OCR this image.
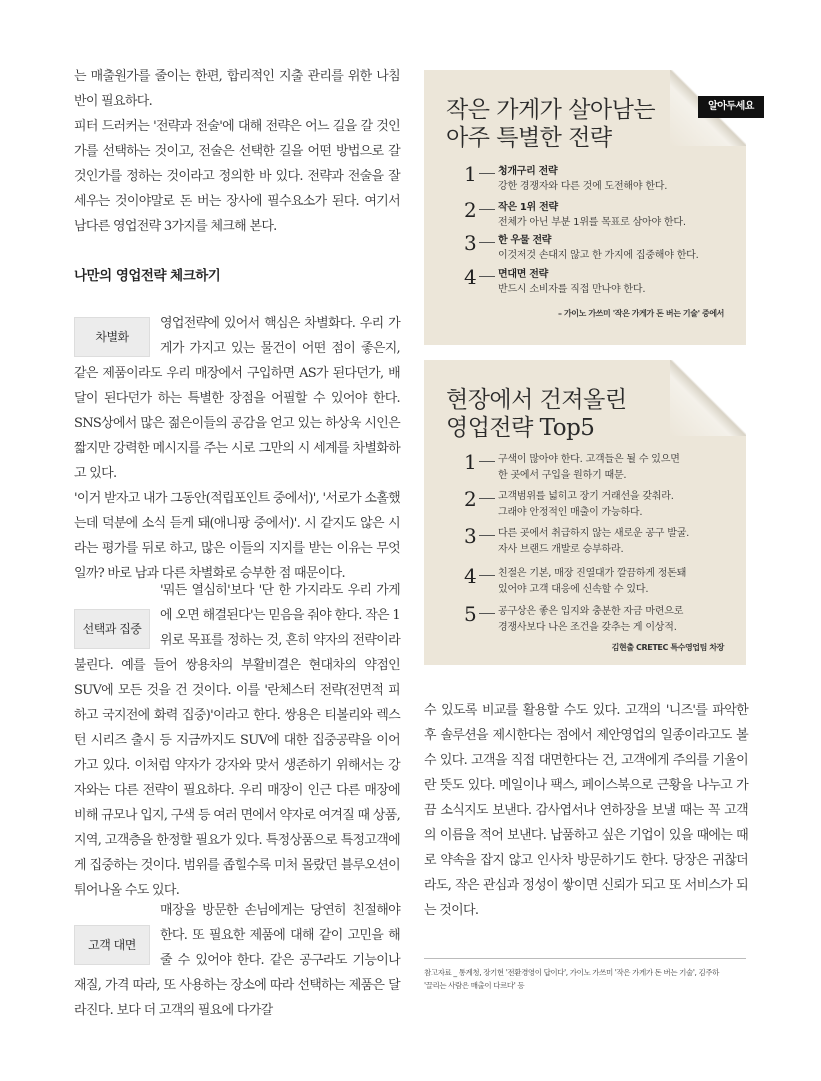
는 매출원가를 줄이는 한편, 합리적인 지출 관리를 위한 나침반이 필요하다.

피터 드러커는 '전략과 전술'에 대해 전략은 어느 길을 갈 것인가를 선택하는 것이고, 전술은 선택한 길을 어떤 방법으로 갈 것인가를 정하는 것이라고 정의한 바 있다. 전략과 전술을 잘 세우는 것이야말로 돈 버는 장사에 필수요소가 된다. 여기서 남다른 영업전략 3가지를 체크해 본다.

나만의 영업전략 체크하기
차별화

영업전략에 있어서 핵심은 차별화다. 우리 가게가 가지고 있는 물건이 어떤 점이 좋은지, 같은 제품이라도 우리 매장에서 구입하면 AS가 된다던가, 배달이 된다던가 하는 특별한 장점을 어필할 수 있어야 한다. SNS상에서 많은 젊은이들의 공감을 얻고 있는 하상욱 시인은 짧지만 강력한 메시지를 주는 시로 그만의 시 세계를 차별화하고 있다.

'이거 받자고 내가 그동안(적립포인트 중에서)', '서로가 소홀했는데 덕분에 소식 듣게 돼(애니팡 중에서)'. 시 같지도 않은 시라는 평가를 뒤로 하고, 많은 이들의 지지를 받는 이유는 무엇일까? 바로 남과 다른 차별화로 승부한 점 때문이다.

선택과 집중
'뭐든 열심히'보다 '단 한 가지라도 우리 가게에 오면 해결된다'는 믿음을 줘야 한다. 작은 1위로 목표를 정하는 것, 흔히 약자의 전략이라 불린다. 예를 들어 쌍용차의 부활비결은 현대차의 약점인 SUV에 모든 것을 건 것이다. 이를 '란체스터 전략(전면적 피하고 국지전에 화력 집중)'이라고 한다. 쌍용은 티볼리와 렉스턴 시리즈 출시 등 지금까지도 SUV에 대한 집중공략을 이어가고 있다. 이처럼 약자가 강자와 맞서 생존하기 위해서는 강자와는 다른 전략이 필요하다. 우리 매장이 인근 다른 매장에 비해 규모나 입지, 구색 등 여러 면에서 약자로 여겨질 때 상품, 지역, 고객층을 한정할 필요가 있다. 특정상품으로 특정고객에게 집중하는 것이다. 범위를 좁힐수록 미처 몰랐던 블루오션이 튀어나올 수도 있다.

고객 대면
매장을 방문한 손님에게는 당연히 친절해야 한다. 또 필요한 제품에 대해 같이 고민을 해줄 수 있어야 한다. 같은 공구라도 기능이나 재질, 가격 따라, 또 사용하는 장소에 따라 선택하는 제품은 달라진다. 보다 더 고객의 필요에 다가갈

작은 가게가 살아남는
아주 특별한 전략
1 청개구리 전략
강한 경쟁자와 다른 것에 도전해야 한다.
2 작은 1위 전략
전체가 아닌 부분 1위를 목표로 삼아야 한다.
3 한 우물 전략
이것저것 손대지 않고 한 가지에 집중해야 한다.
4 면대면 전략
반드시 소비자를 직접 만나야 한다.
– 가이노 가쓰미 '작은 가게가 돈 버는 기술' 중에서
알아두세요
현장에서 건져올린
영업전략 Top5
1 구색이 많아야 한다. 고객들은 될 수 있으면
한 곳에서 구입을 원하기 때문.
2 고객범위를 넓히고 장기 거래선을 갖춰라.
그래야 안정적인 매출이 가능하다.
3 다른 곳에서 취급하지 않는 새로운 공구 발굴.
자사 브랜드 개발로 승부하라.
4 친절은 기본, 매장 진열대가 깔끔하게 정돈돼
있어야 고객 대응에 신속할 수 있다.
5 공구상은 좋은 입지와 충분한 자금 마련으로
경쟁사보다 나은 조건을 갖추는 게 이상적.
김현출 CRETEC 특수영업팀 차장

수 있도록 비교를 활용할 수도 있다. 고객의 '니즈'를 파악한 후 솔루션을 제시한다는 점에서 제안영업의 일종이라고도 볼 수 있다. 고객을 직접 대면한다는 건, 고객에게 주의를 기울이란 뜻도 있다. 메일이나 팩스, 페이스북으로 근황을 나누고 가끔 소식지도 보낸다. 감사엽서나 연하장을 보낼 때는 꼭 고객의 이름을 적어 보낸다. 납품하고 싶은 기업이 있을 때에는 때로 약속을 잡지 않고 인사차 방문하기도 한다. 당장은 귀찮더라도, 작은 관심과 정성이 쌓이면 신뢰가 되고 또 서비스가 되는 것이다.

참고자료 _ 통계청, 장기현 '전환경영이 답이다', 가이노 가쓰미 '작은 가게가 돈 버는 기술', 김주하
'끌리는 사람은 매출이 다르다' 등
